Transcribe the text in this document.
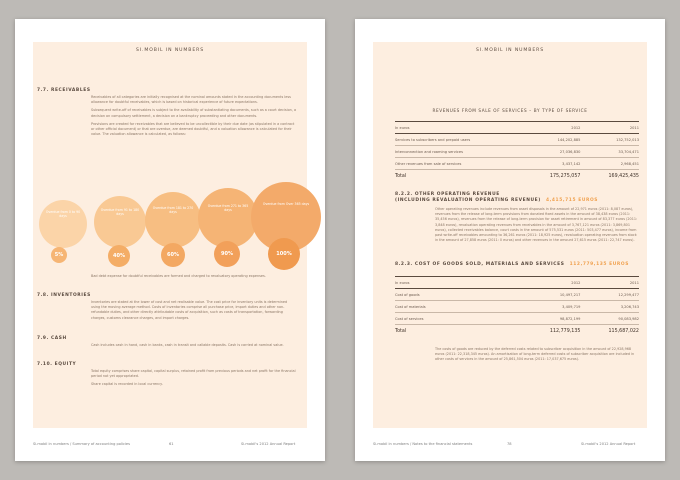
SI.MOBIL IN NUMBERS
7.7. RECEIVABLES

Receivables of all categories are initially recognised at the nominal amounts stated in the accounting documents less allowance for doubtful receivables, which is based on historical experience of future expectations.

Subsequent write-off of receivables is subject to the availability of substantiating documents, such as a court decision, a decision on compulsory settlement, a decision on a bankruptcy proceeding and other documents.

Provisions are created for receivables that are believed to be uncollectible by their due date (as stipulated in a contract or other official document) or that are overdue, are deemed doubtful, and a valuation allowance is calculated for their value. The valuation allowance is calculated, as follows:

Overdue from 0 to 90 days
5%
Overdue from 91 to 180 days
40%
Overdue from 181 to 270 days
60%
Overdue from 271 to 365 days
90%
Overdue from Over 365 days
100%
Bad debt expense for doubtful receivables are formed and charged to revaluatory operating expenses.
7.8. INVENTORIES
Inventories are stated at the lower of cost and net realisable value. The cost price for inventory units is determined using the moving average method. Costs of inventories comprise all purchase price, import duties and other non-refundable duties, and other directly attributable costs of acquisition, such as costs of transportation, forwarding charges, customs clearance charges, and import charges.
7.9. CASH
Cash includes cash in hand, cash in banks, cash in transit and callable deposits. Cash is carried at nominal value.
7.10. EQUITY

Total equity comprises share capital, capital surplus, retained profit from previous periods and net profit for the financial period not yet appropriated.

Share capital is recorded in local currency.

Si.mobil in numbers / Summary of accounting policies	61	Si.mobil's 2012 Annual Report
SI.MOBIL IN NUMBERS
REVENUES FROM SALE OF SERVICES – BY TYPE OF SERVICE
In euros	2012	2011
Services to subscribers and prepaid users	144,202,885	132,752,013
Interconnection and roaming services	27,036,830	33,704,471
Other revenues from sale of services	3,437,142	2,968,451
Total	175,275,057	169,425,435
8.2.2. OTHER OPERATING REVENUE
(INCLUDING REVALUATION OPERATING REVENUE) 4,415,715 EUROS
Other operating revenues include revenues from asset disposals in the amount of 22,971 euros (2011: 8,087 euros), revenues from the release of long-term provisions from donated fixed assets in the amount of 38,438 euros (2011: 35,456 euros), revenues from the release of long-term provision for asset retirement in amount of 83,377 euros (2011: 3,848 euros), revaluation operating revenues from receivables in the amount of 3,767,121 euros (2011: 3,869,801 euros), collected receivables balance, court costs in the amount of 575,531 euros (2011: 503,477 euros), income from past write-off receivables amounting to 36,261 euros (2011: 18,925 euros), revaluation operating revenues from stock in the amount of 27,858 euros (2011: 0 euros) and other revenues in the amount 27,615 euros (2011: 22,747 euros).
8.2.3. COST OF GOODS SOLD, MATERIALS AND SERVICES 112,779,135 EUROS
In euros	2012	2011
Cost of goods	10,497,217	12,299,477
Cost of materials	3,409,719	3,206,743
Cost of services	98,872,199	90,083,982
Total	112,779,135	115,687,022
The costs of goods are reduced by the deferred costs related to subscriber acquisition in the amount of 22,928,968 euros (2011: 22,318,345 euros). An amortisation of long-term deferred costs of subscriber acquisition are included in other costs of services in the amount of 25,861,504 euros (2011: 17,037,675 euros).
Si.mobil in numbers / Notes to the financial statements	78	Si.mobil's 2012 Annual Report
